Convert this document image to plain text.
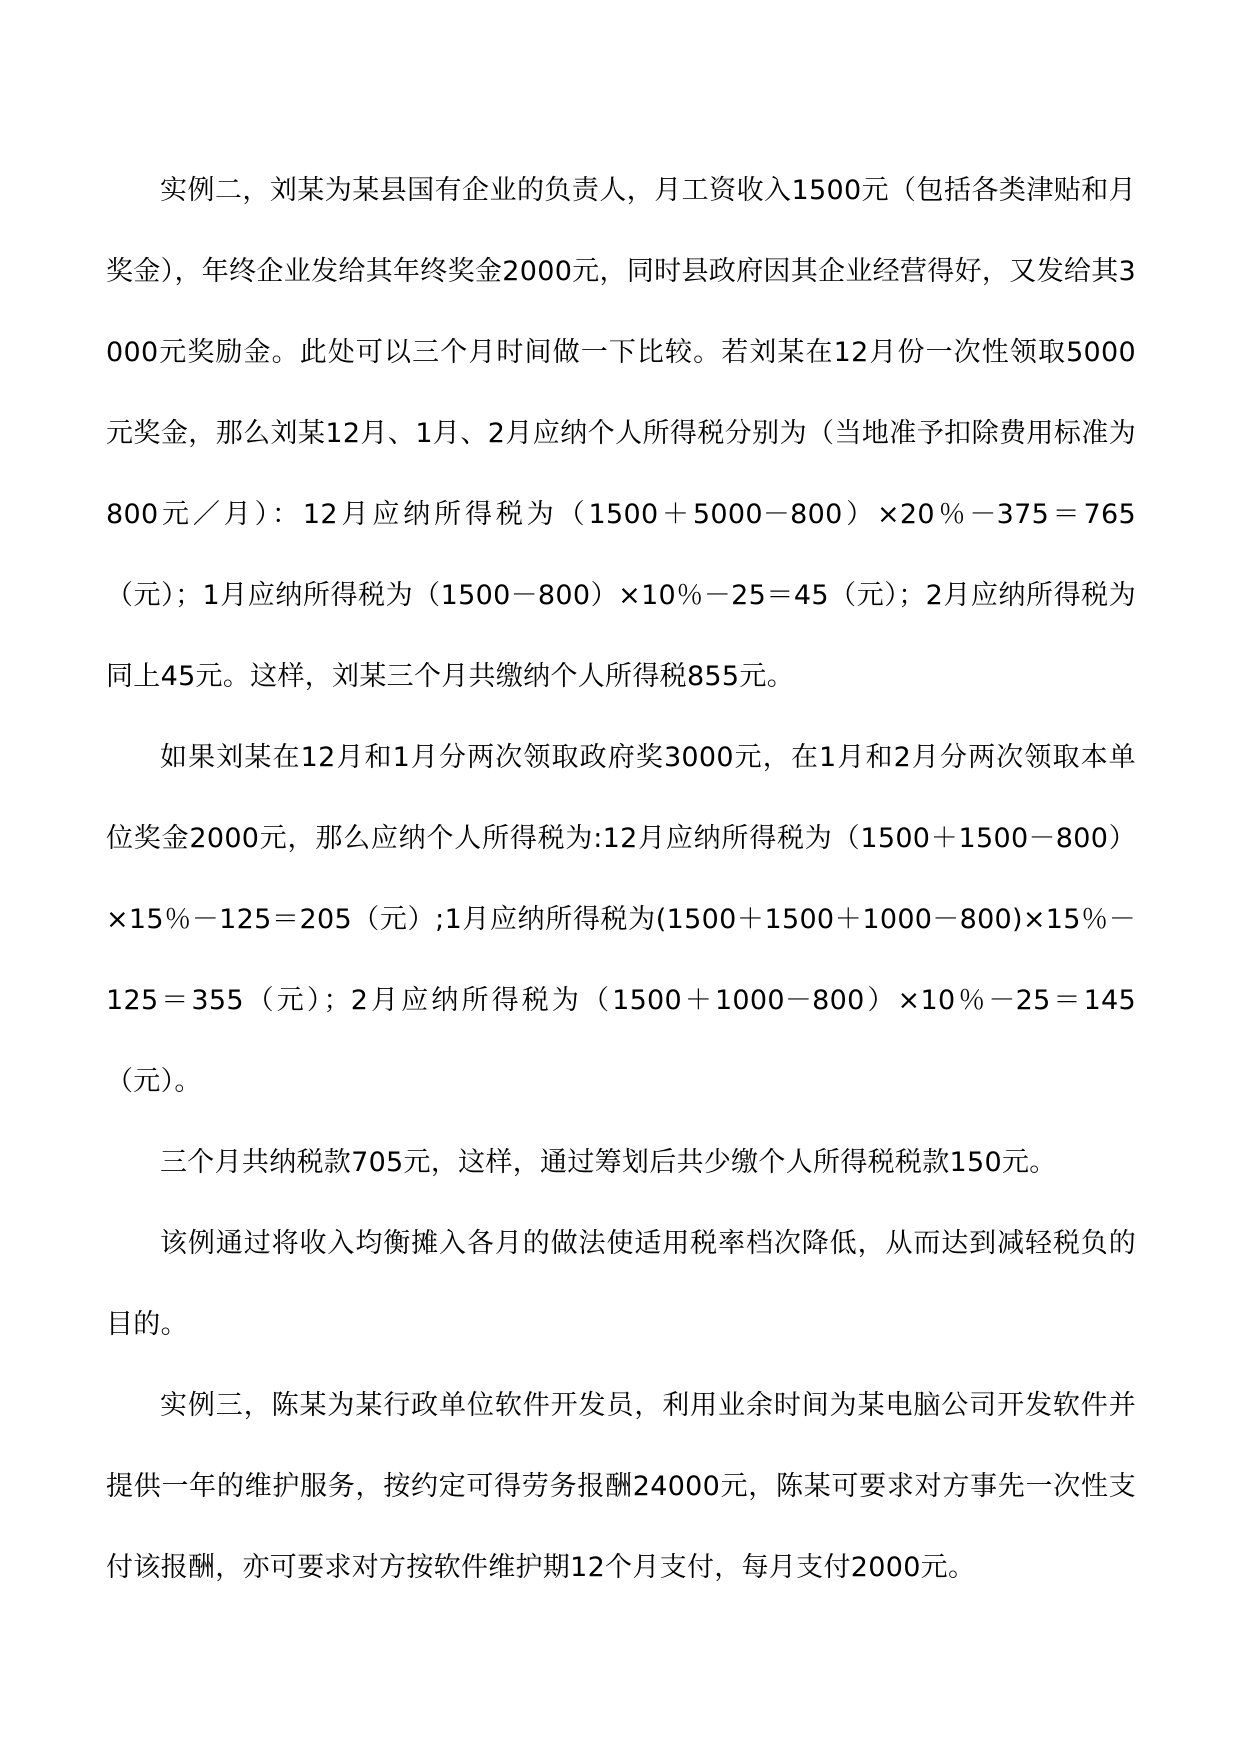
实例二，刘某为某县国有企业的负责人，月工资收入1500元（包括各类津贴和月奖金），年终企业发给其年终奖金2000元，同时县政府因其企业经营得好，又发给其3000元奖励金。此处可以三个月时间做一下比较。若刘某在12月份一次性领取5000元奖金，那么刘某12月、1月、2月应纳个人所得税分别为（当地准予扣除费用标准为800元／月）：12月应纳所得税为（1500＋5000－800）×20％－375＝765（元）；1月应纳所得税为（1500－800）×10％－25＝45（元）；2月应纳所得税为同上45元。这样，刘某三个月共缴纳个人所得税855元。

如果刘某在12月和1月分两次领取政府奖3000元，在1月和2月分两次领取本单位奖金2000元，那么应纳个人所得税为:12月应纳所得税为（1500＋1500－800）×15％－125＝205（元）;1月应纳所得税为(1500＋1500＋1000－800)×15％－125＝355（元）；2月应纳所得税为（1500＋1000－800）×10％－25＝145（元）。

三个月共纳税款705元，这样，通过筹划后共少缴个人所得税税款150元。

该例通过将收入均衡摊入各月的做法使适用税率档次降低，从而达到减轻税负的目的。

实例三，陈某为某行政单位软件开发员，利用业余时间为某电脑公司开发软件并提供一年的维护服务，按约定可得劳务报酬24000元，陈某可要求对方事先一次性支付该报酬，亦可要求对方按软件维护期12个月支付，每月支付2000元。
